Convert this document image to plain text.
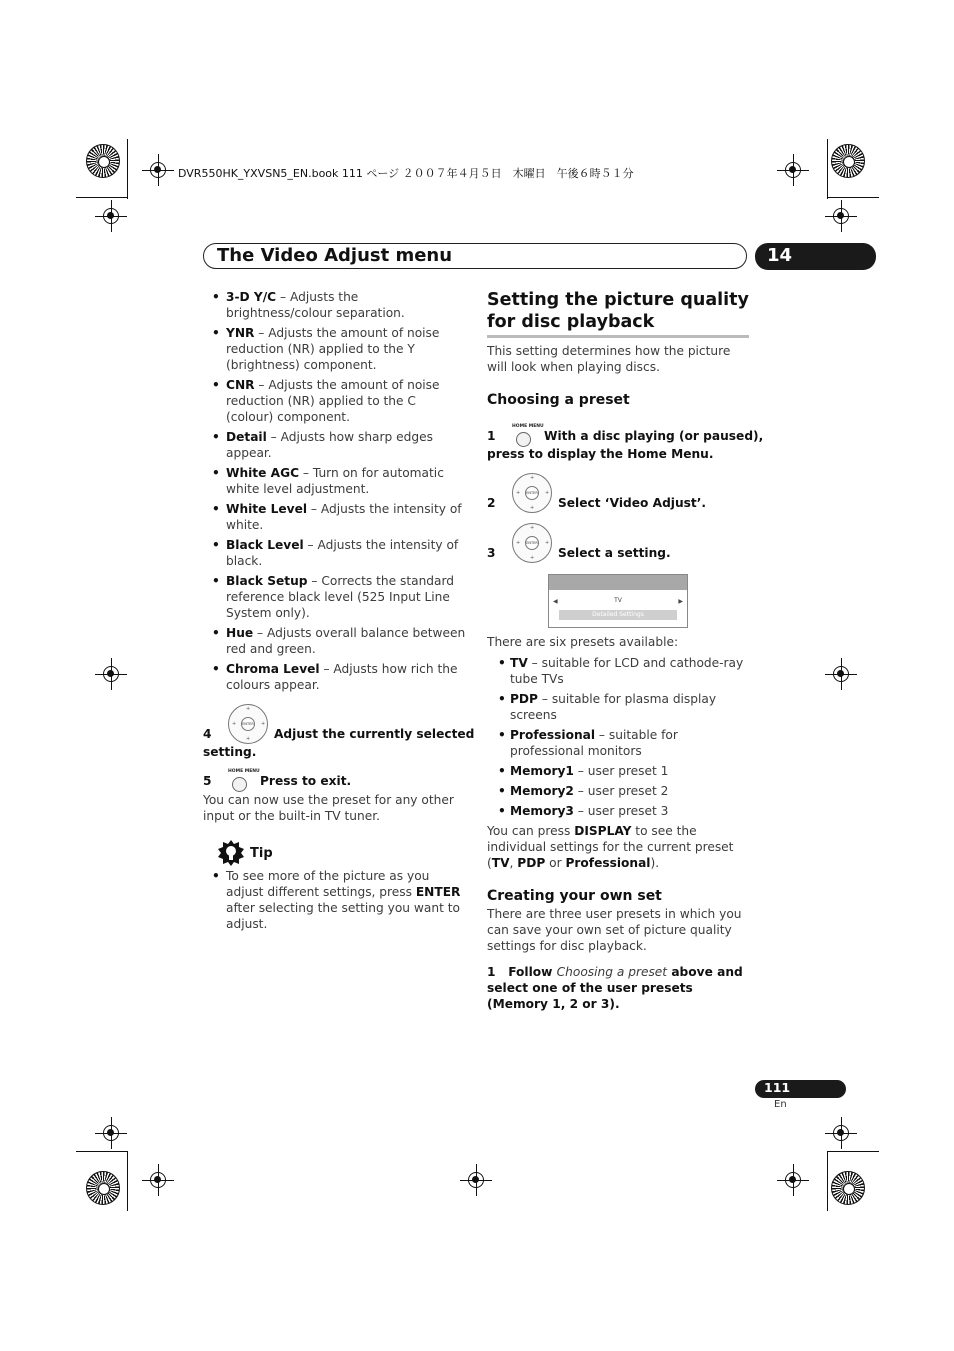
DVR550HK_YXVSN5_EN.book 111 ページ ２００７年４月５日　木曜日　午後６時５１分
The Video Adjust menu	14
• 3-D Y/C – Adjusts the brightness/colour separation.
• YNR – Adjusts the amount of noise reduction (NR) applied to the Y (brightness) component.
• CNR – Adjusts the amount of noise reduction (NR) applied to the C (colour) component.
• Detail – Adjusts how sharp edges appear.
• White AGC – Turn on for automatic white level adjustment.
• White Level – Adjusts the intensity of white.
• Black Level – Adjusts the intensity of black.
• Black Setup – Corrects the standard reference black level (525 Input Line System only).
• Hue – Adjusts overall balance between red and green.
• Chroma Level – Adjusts how rich the colours appear.
4
+
+
+	+
ENTER
Adjust the currently selected
setting.
5
HOME MENU
Press to exit.
You can now use the preset for any other input or the built-in TV tuner.
Tip
• To see more of the picture as you adjust different settings, press ENTER after selecting the setting you want to adjust.
Setting the picture quality for disc playback
This setting determines how the picture will look when playing discs.
Choosing a preset
1
HOME MENU
With a disc playing (or paused),
press to display the Home Menu.
2
+
+
+	+
ENTER
Select ‘Video Adjust’.
3
+
+
+	+
ENTER
Select a setting.
◀	TV	▶
Detailed Settings
There are six presets available:
• TV – suitable for LCD and cathode-ray tube TVs
• PDP – suitable for plasma display screens
• Professional – suitable for professional monitors
• Memory1 – user preset 1
• Memory2 – user preset 2
• Memory3 – user preset 3
You can press DISPLAY to see the individual settings for the current preset (TV, PDP or Professional).
Creating your own set
There are three user presets in which you can save your own set of picture quality settings for disc playback.
1 Follow Choosing a preset above and select one of the user presets (Memory 1, 2 or 3).
111
En
